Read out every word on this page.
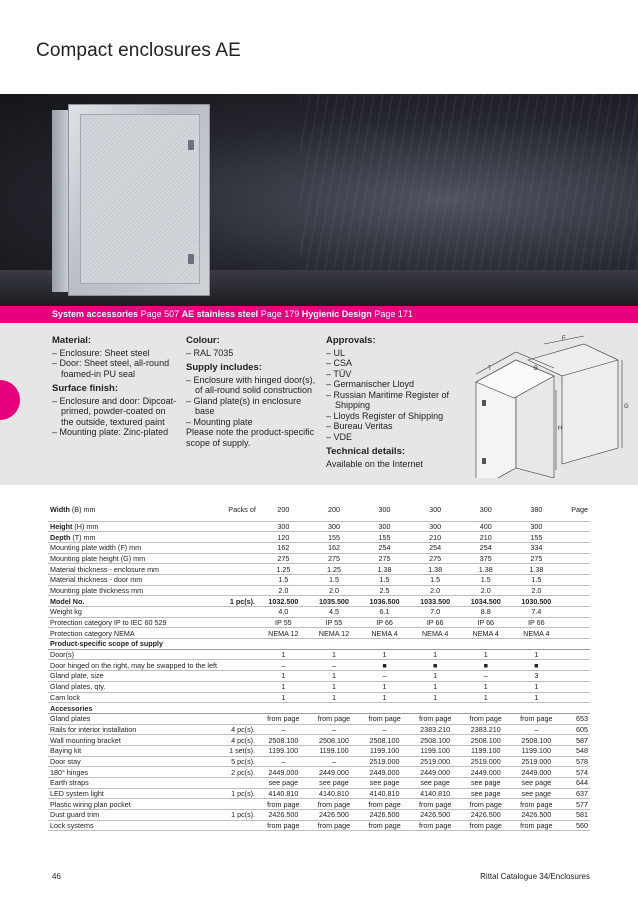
Compact enclosures AE
System accessories Page 507 AE stainless steel Page 179 Hygienic Design Page 171
Material:
– Enclosure: Sheet steel
– Door: Sheet steel, all-round foamed-in PU seal
Surface finish:
– Enclosure and door: Dipcoat-primed, powder-coated on the outside, textured paint
– Mounting plate: Zinc-plated
Colour:
– RAL 7035
Supply includes:
– Enclosure with hinged door(s), of all-round solid construction
– Gland plate(s) in enclosure base
– Mounting plate

Please note the product-specific scope of supply.

Approvals:
– UL
– CSA
– TÜV
– Germanischer Lloyd
– Russian Maritime Register of Shipping
– Lloyds Register of Shipping
– Bureau Veritas
– VDE
Technical details:

Available on the Internet

T	B
H
F
G
Width (B) mm	Packs of	200	200	300	300	300	380	Page
Height (H) mm		300	300	300	300	400	300	
Depth (T) mm		120	155	155	210	210	155	
Mounting plate width (F) mm		162	162	254	254	254	334	
Mounting plate height (G) mm		275	275	275	275	375	275	
Material thickness - enclosure mm		1.25	1.25	1.38	1.38	1.38	1.38	
Material thickness - door mm		1.5	1.5	1.5	1.5	1.5	1.5	
Mounting plate thickness mm		2.0	2.0	2.5	2.0	2.0	2.0	
Model No.	1 pc(s).	1032.500	1035.500	1036.500	1033.500	1034.500	1030.500	
Weight kg		4.0	4.5	6.1	7.0	8.8	7.4	
Protection category IP to IEC 60 529		IP 55	IP 55	IP 66	IP 66	IP 66	IP 66	
Protection category NEMA		NEMA 12	NEMA 12	NEMA 4	NEMA 4	NEMA 4	NEMA 4	
Product-specific scope of supply								
Door(s)		1	1	1	1	1	1	
Door hinged on the right, may be swapped to the left		–	–	■	■	■	■	
Gland plate, size		1	1	–	1	–	3	
Gland plates, qty.		1	1	1	1	1	1	
Cam lock		1	1	1	1	1	1	
Accessories								
Gland plates		from page	from page	from page	from page	from page	from page	653
Rails for interior installation	4 pc(s).	–	–	–	2383.210	2383.210	–	605
Wall mounting bracket	4 pc(s).	2508.100	2508.100	2508.100	2508.100	2508.100	2508.100	587
Baying kit	1 set(s).	1199.100	1199.100	1199.100	1199.100	1199.100	1199.100	548
Door stay	5 pc(s).	–	–	2519.000	2519.000	2519.000	2519.000	578
180° hinges	2 pc(s).	2449.000	2449.000	2449.000	2449.000	2449.000	2449.000	574
Earth straps		see page	see page	see page	see page	see page	see page	644
LED system light	1 pc(s).	4140.810	4140.810	4140.810	4140.810	see page	see page	637
Plastic wiring plan pocket		from page	from page	from page	from page	from page	from page	577
Dust guard trim	1 pc(s).	2426.500	2426.500	2426.500	2426.500	2426.500	2426.500	581
Lock systems		from page	from page	from page	from page	from page	from page	560
46	Rittal Catalogue 34/Enclosures
